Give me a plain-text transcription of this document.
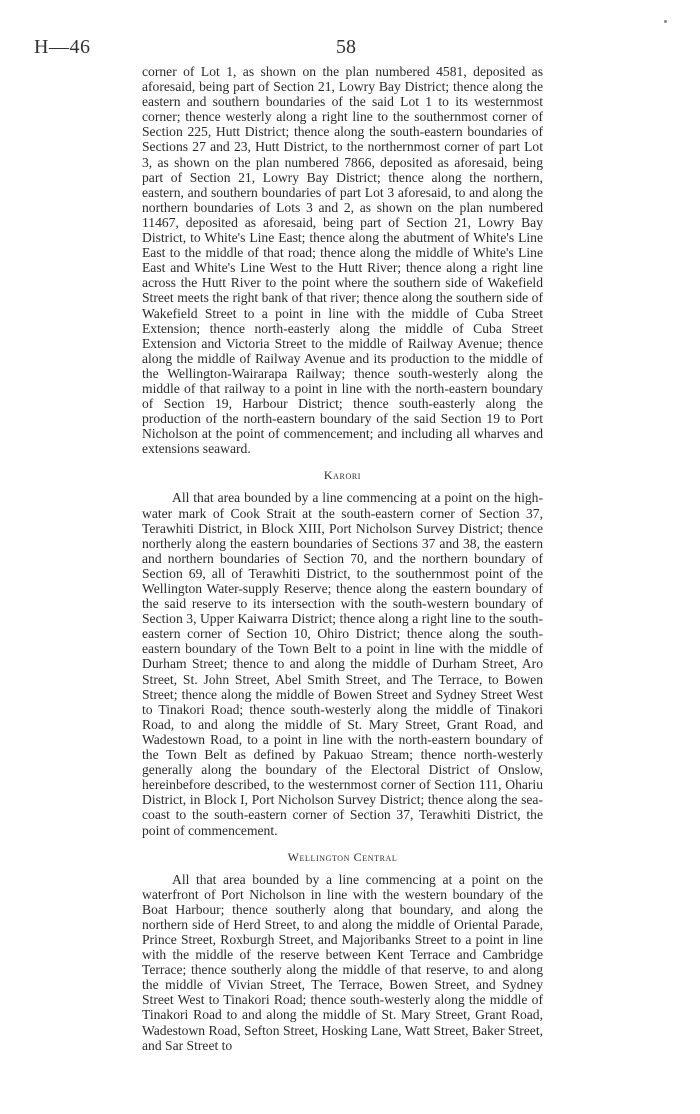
H—46	58

corner of Lot 1, as shown on the plan numbered 4581, deposited as aforesaid, being part of Section 21, Lowry Bay District; thence along the eastern and southern boundaries of the said Lot 1 to its westernmost corner; thence westerly along a right line to the southernmost corner of Section 225, Hutt District; thence along the south-eastern boundaries of Sections 27 and 23, Hutt District, to the northernmost corner of part Lot 3, as shown on the plan numbered 7866, deposited as aforesaid, being part of Section 21, Lowry Bay District; thence along the northern, eastern, and southern boundaries of part Lot 3 aforesaid, to and along the northern boundaries of Lots 3 and 2, as shown on the plan numbered 11467, deposited as aforesaid, being part of Section 21, Lowry Bay District, to White's Line East; thence along the abutment of White's Line East to the middle of that road; thence along the middle of White's Line East and White's Line West to the Hutt River; thence along a right line across the Hutt River to the point where the southern side of Wakefield Street meets the right bank of that river; thence along the southern side of Wakefield Street to a point in line with the middle of Cuba Street Extension; thence north-easterly along the middle of Cuba Street Extension and Victoria Street to the middle of Railway Avenue; thence along the middle of Railway Avenue and its production to the middle of the Wellington-Wairarapa Railway; thence south-westerly along the middle of that railway to a point in line with the north-eastern boundary of Section 19, Harbour District; thence south-easterly along the production of the north-eastern boundary of the said Section 19 to Port Nicholson at the point of commencement; and including all wharves and extensions seaward.

Karori

All that area bounded by a line commencing at a point on the high-water mark of Cook Strait at the south-eastern corner of Section 37, Terawhiti District, in Block XIII, Port Nicholson Survey District; thence northerly along the eastern boundaries of Sections 37 and 38, the eastern and northern boundaries of Section 70, and the northern boundary of Section 69, all of Terawhiti District, to the southernmost point of the Wellington Water-supply Reserve; thence along the eastern boundary of the said reserve to its intersection with the south-western boundary of Section 3, Upper Kaiwarra District; thence along a right line to the south-eastern corner of Section 10, Ohiro District; thence along the south-eastern boundary of the Town Belt to a point in line with the middle of Durham Street; thence to and along the middle of Durham Street, Aro Street, St. John Street, Abel Smith Street, and The Terrace, to Bowen Street; thence along the middle of Bowen Street and Sydney Street West to Tinakori Road; thence south-westerly along the middle of Tinakori Road, to and along the middle of St. Mary Street, Grant Road, and Wadestown Road, to a point in line with the north-eastern boundary of the Town Belt as defined by Pakuao Stream; thence north-westerly generally along the boundary of the Electoral District of Onslow, hereinbefore described, to the westernmost corner of Section 111, Ohariu District, in Block I, Port Nicholson Survey District; thence along the sea-coast to the south-eastern corner of Section 37, Terawhiti District, the point of commencement.

Wellington Central

All that area bounded by a line commencing at a point on the waterfront of Port Nicholson in line with the western boundary of the Boat Harbour; thence southerly along that boundary, and along the northern side of Herd Street, to and along the middle of Oriental Parade, Prince Street, Roxburgh Street, and Majoribanks Street to a point in line with the middle of the reserve between Kent Terrace and Cambridge Terrace; thence southerly along the middle of that reserve, to and along the middle of Vivian Street, The Terrace, Bowen Street, and Sydney Street West to Tinakori Road; thence south-westerly along the middle of Tinakori Road to and along the middle of St. Mary Street, Grant Road, Wadestown Road, Sefton Street, Hosking Lane, Watt Street, Baker Street, and Sar Street to
